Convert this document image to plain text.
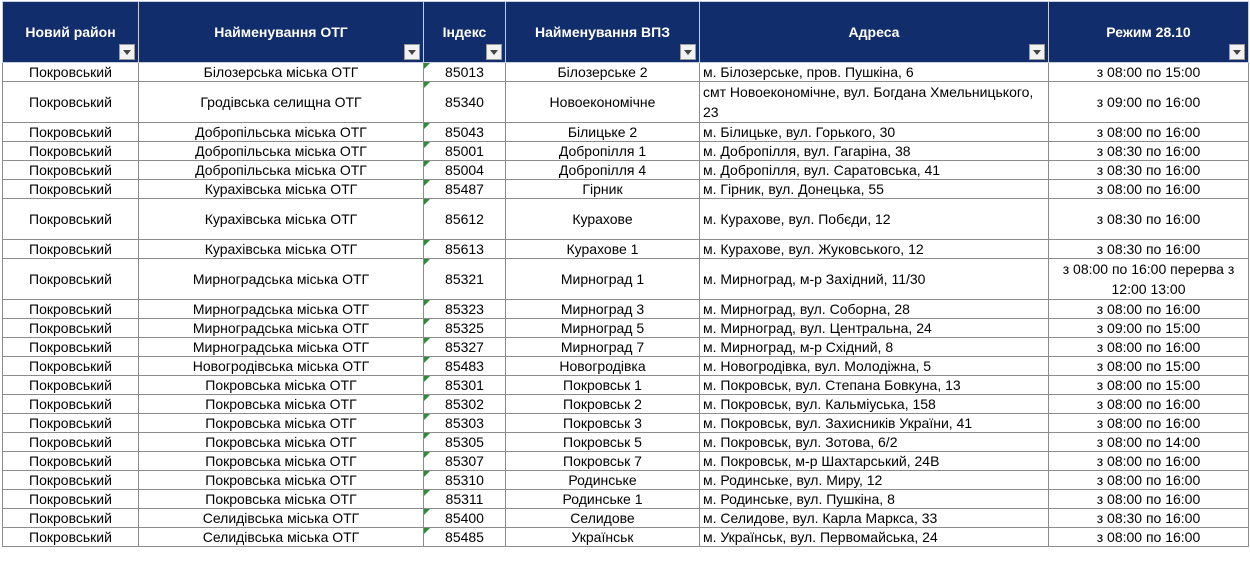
Новий район	Найменування ОТГ	Індекс	Найменування ВПЗ	Адреса	Режим 28.10

Покровський	Білозерська міська ОТГ	85013	Білозерське 2	м. Білозерське, пров. Пушкіна, 6	з 08:00 по 15:00
Покровський	Гродівська селищна ОТГ	85340	Новоекономічне	смт Новоекономічне, вул. Богдана Хмельницького, 23	з 09:00 по 16:00
Покровський	Добропільська міська ОТГ	85043	Білицьке 2	м. Білицьке, вул. Горького, 30	з 08:00 по 16:00
Покровський	Добропільська міська ОТГ	85001	Добропілля 1	м. Добропілля, вул. Гагаріна, 38	з 08:30 по 16:00
Покровський	Добропільська міська ОТГ	85004	Добропілля 4	м. Добропілля, вул. Саратовська, 41	з 08:30 по 16:00
Покровський	Курахівська міська ОТГ	85487	Гірник	м. Гірник, вул. Донецька, 55	з 08:00 по 16:00
Покровський	Курахівська міська ОТГ	85612	Курахове	м. Курахове, вул. Побєди, 12	з 08:30 по 16:00
Покровський	Курахівська міська ОТГ	85613	Курахове 1	м. Курахове, вул. Жуковського, 12	з 08:30 по 16:00
Покровський	Мирноградська міська ОТГ	85321	Мирноград 1	м. Мирноград, м-р Західний, 11/30	з 08:00 по 16:00 перерва з 12:00 13:00
Покровський	Мирноградська міська ОТГ	85323	Мирноград 3	м. Мирноград, вул. Соборна, 28	з 08:00 по 16:00
Покровський	Мирноградська міська ОТГ	85325	Мирноград 5	м. Мирноград, вул. Центральна, 24	з 09:00 по 15:00
Покровський	Мирноградська міська ОТГ	85327	Мирноград 7	м. Мирноград, м-р Східний, 8	з 08:00 по 16:00
Покровський	Новогродівська міська ОТГ	85483	Новогродівка	м. Новогродівка, вул. Молодіжна, 5	з 08:00 по 15:00
Покровський	Покровська міська ОТГ	85301	Покровськ 1	м. Покровськ, вул. Степана Бовкуна, 13	з 08:00 по 15:00
Покровський	Покровська міська ОТГ	85302	Покровськ 2	м. Покровськ, вул. Кальміуська, 158	з 08:00 по 16:00
Покровський	Покровська міська ОТГ	85303	Покровськ 3	м. Покровськ, вул. Захисників України, 41	з 08:00 по 16:00
Покровський	Покровська міська ОТГ	85305	Покровськ 5	м. Покровськ, вул. Зотова, 6/2	з 08:00 по 14:00
Покровський	Покровська міська ОТГ	85307	Покровськ 7	м. Покровськ, м-р Шахтарський, 24В	з 08:00 по 16:00
Покровський	Покровська міська ОТГ	85310	Родинське	м. Родинське, вул. Миру, 12	з 08:00 по 16:00
Покровський	Покровська міська ОТГ	85311	Родинське 1	м. Родинське, вул. Пушкіна, 8	з 08:00 по 16:00
Покровський	Селидівська міська ОТГ	85400	Селидове	м. Селидове, вул. Карла Маркса, 33	з 08:30 по 16:00
Покровський	Селидівська міська ОТГ	85485	Українськ	м. Українськ, вул. Первомайська, 24	з 08:00 по 16:00
